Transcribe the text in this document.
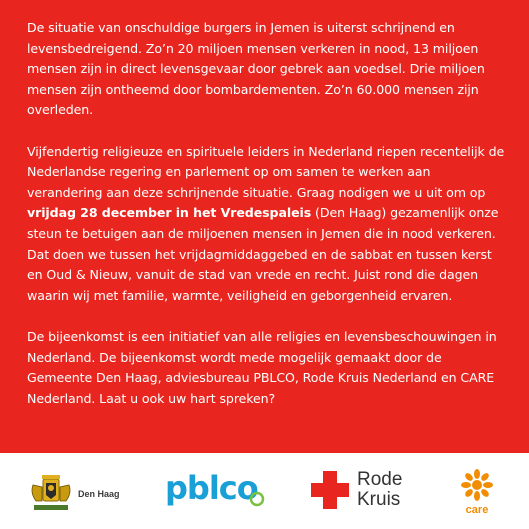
De situatie van onschuldige burgers in Jemen is uiterst schrijnend en levensbedreigend. Zo’n 20 miljoen mensen verkeren in nood, 13 miljoen mensen zijn in direct levensgevaar door gebrek aan voedsel. Drie miljoen mensen zijn ontheemd door bombardementen. Zo’n 60.000 mensen zijn overleden.

Vijfendertig religieuze en spirituele leiders in Nederland riepen recentelijk de Nederlandse regering en parlement op om samen te werken aan verandering aan deze schrijnende situatie. Graag nodigen we u uit om op vrijdag 28 december in het Vredespaleis (Den Haag) gezamenlijk onze steun te betuigen aan de miljoenen mensen in Jemen die in nood verkeren. Dat doen we tussen het vrijdagmiddaggebed en de sabbat en tussen kerst en Oud & Nieuw, vanuit de stad van vrede en recht. Juist rond die dagen waarin wij met familie, warmte, veiligheid en geborgenheid ervaren.

De bijeenkomst is een initiatief van alle religies en levensbeschouwingen in Nederland. De bijeenkomst wordt mede mogelijk gemaakt door de Gemeente Den Haag, adviesbureau PBLCO, Rode Kruis Nederland en CARE Nederland. Laat u ook uw hart spreken?

Den Haag pblco	Rode
Kruis	care
